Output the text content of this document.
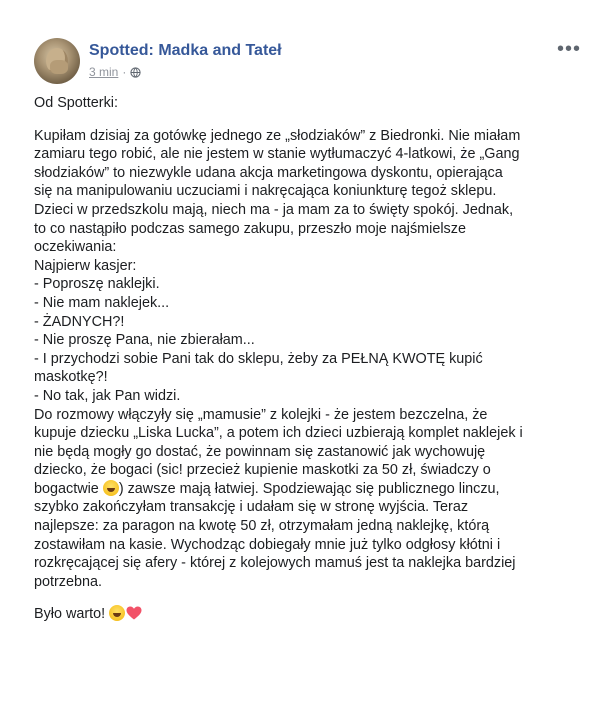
Spotted: Madka and Tateł
3 min ·
•••
Od Spotterki:
Kupiłam dzisiaj za gotówkę jednego ze „słodziaków” z Biedronki. Nie miałam
zamiaru tego robić, ale nie jestem w stanie wytłumaczyć 4-latkowi, że „Gang
słodziaków” to niezwykle udana akcja marketingowa dyskontu, opierająca
się na manipulowaniu uczuciami i nakręcająca koniunkturę tegoż sklepu.
Dzieci w przedszkolu mają, niech ma - ja mam za to święty spokój. Jednak,
to co nastąpiło podczas samego zakupu, przeszło moje najśmielsze
oczekiwania:
Najpierw kasjer:
- Poproszę naklejki.
- Nie mam naklejek...
- ŻADNYCH?!
- Nie proszę Pana, nie zbierałam...
- I przychodzi sobie Pani tak do sklepu, żeby za PEŁNĄ KWOTĘ kupić
maskotkę?!
- No tak, jak Pan widzi.
Do rozmowy włączyły się „mamusie” z kolejki - że jestem bezczelna, że
kupuje dziecku „Liska Lucka”, a potem ich dzieci uzbierają komplet naklejek i
nie będą mogły go dostać, że powinnam się zastanowić jak wychowuję
dziecko, że bogaci (sic! przecież kupienie maskotki za 50 zł, świadczy o
bogactwie ) zawsze mają łatwiej. Spodziewając się publicznego linczu,
szybko zakończyłam transakcję i udałam się w stronę wyjścia. Teraz
najlepsze: za paragon na kwotę 50 zł, otrzymałam jedną naklejkę, którą
zostawiłam na kasie. Wychodząc dobiegały mnie już tylko odgłosy kłótni i
rozkręcającej się afery - której z kolejowych mamuś jest ta naklejka bardziej
potrzebna.
Było warto!
